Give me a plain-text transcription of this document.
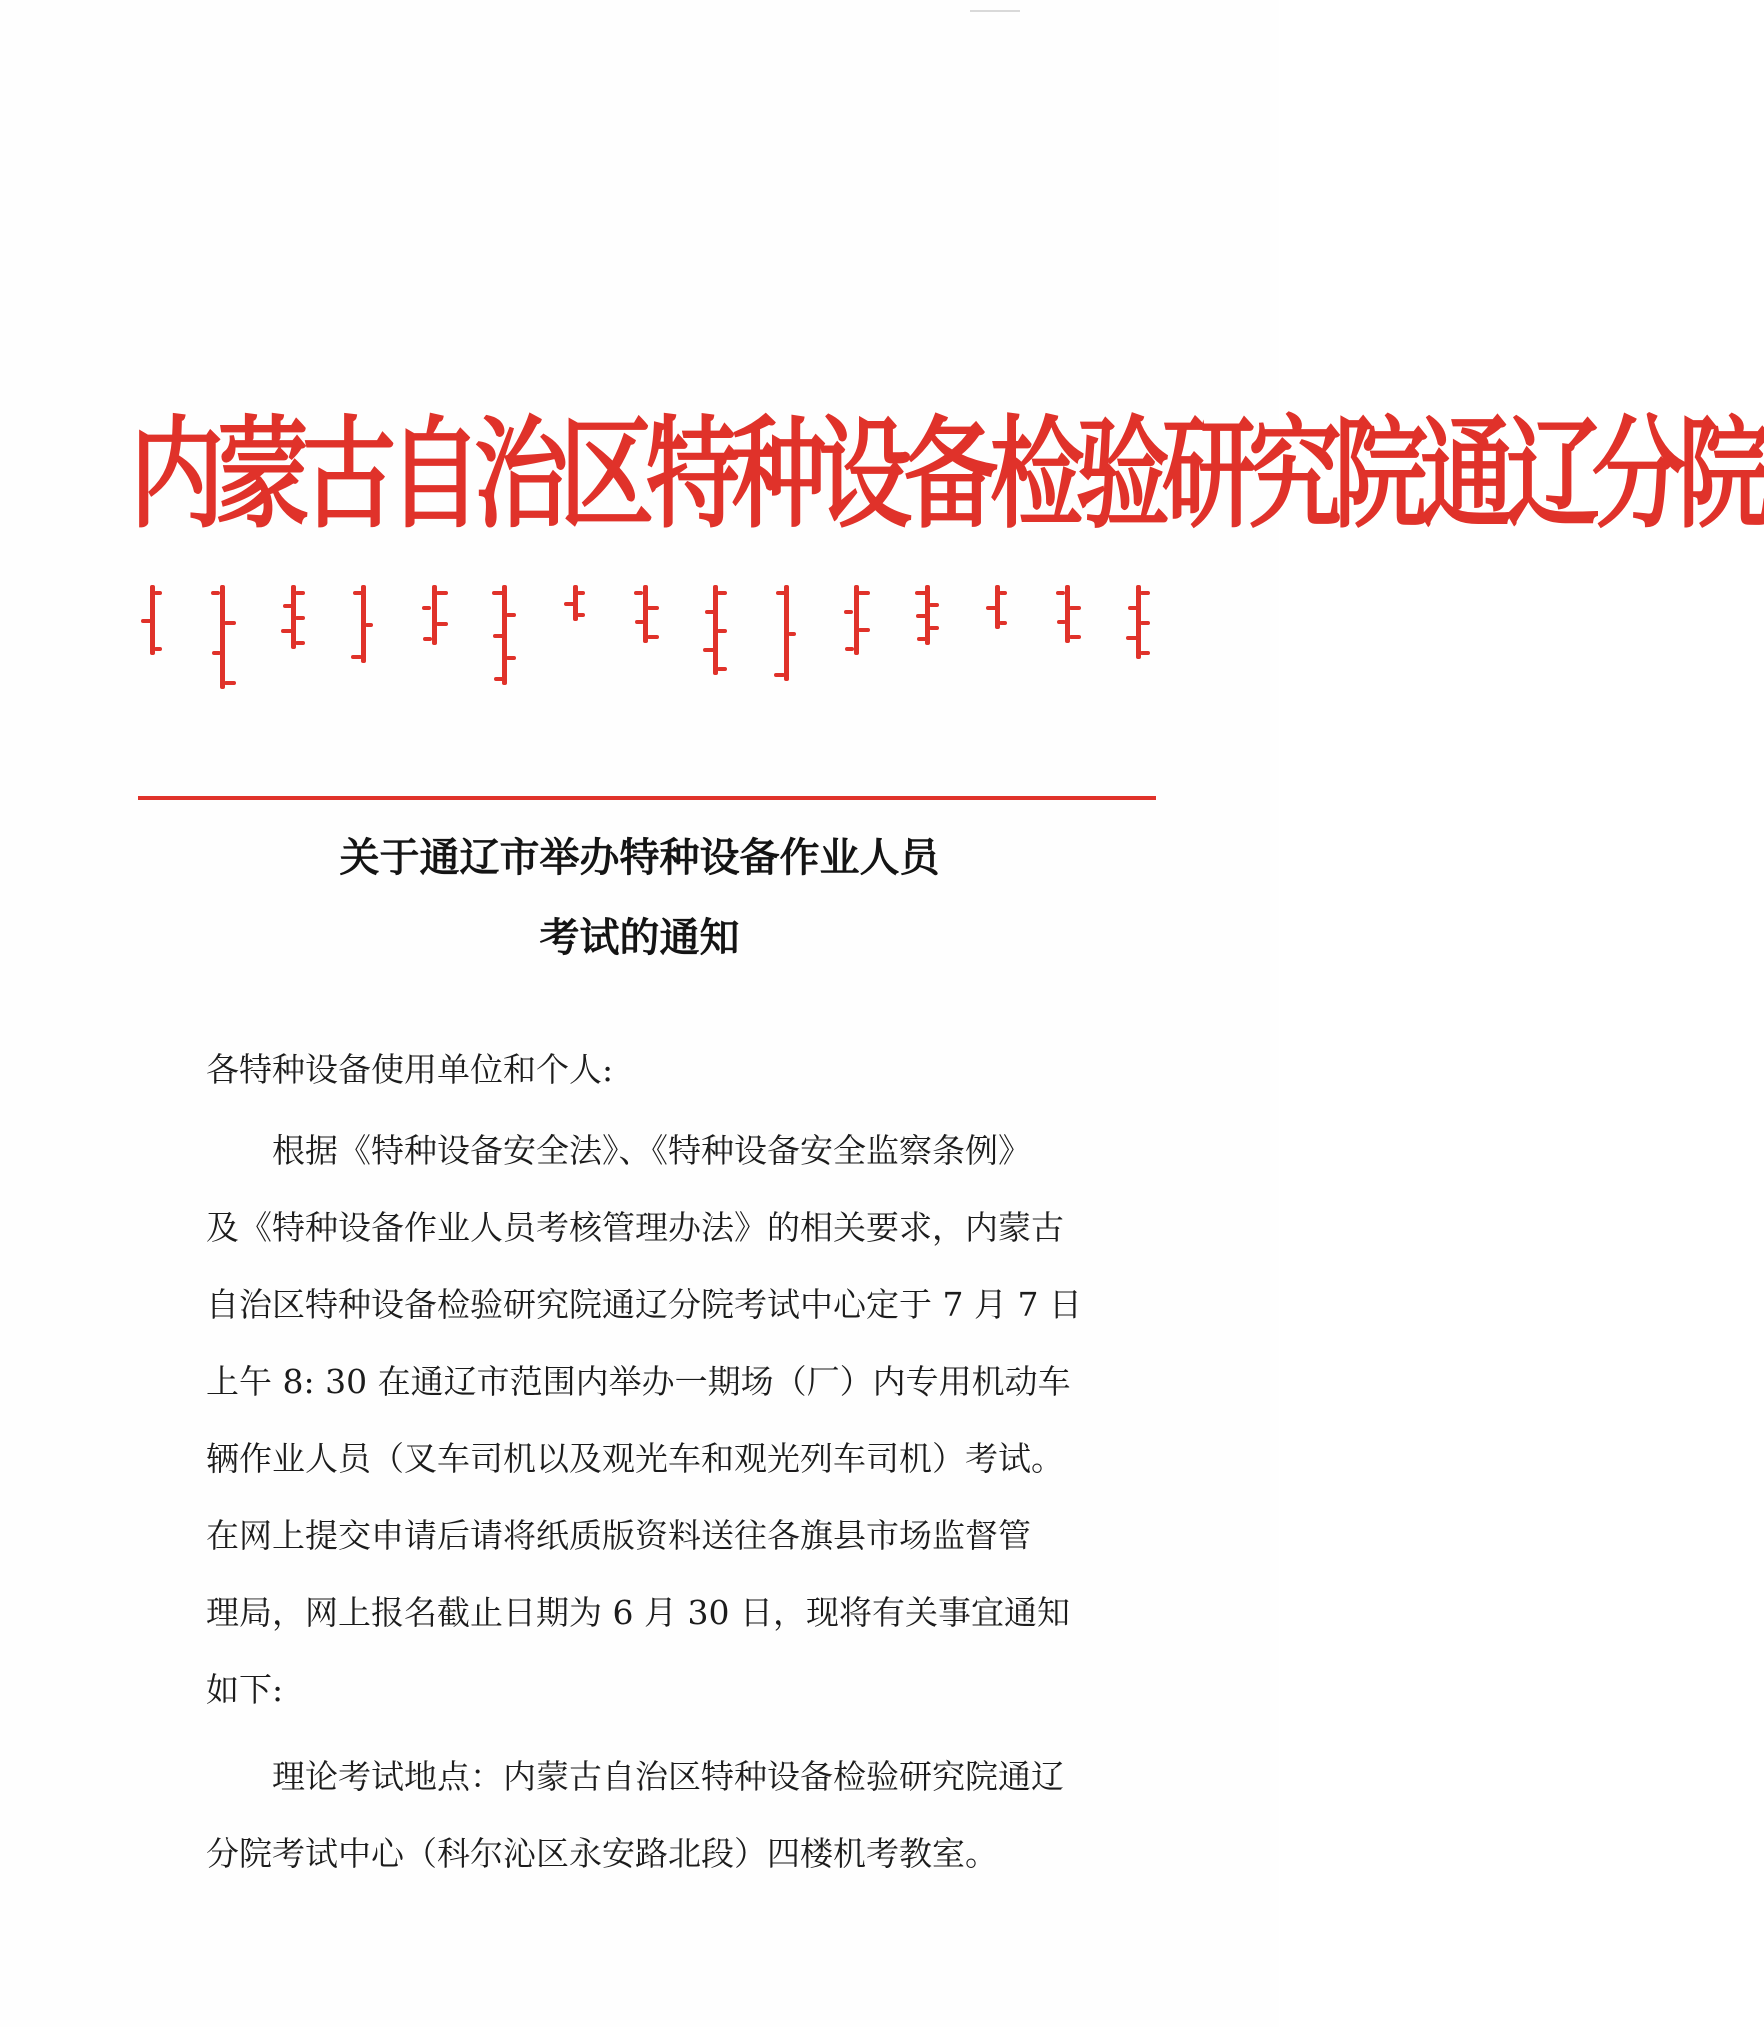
内蒙古自治区特种设备检验研究院通辽分院
关于通辽市举办特种设备作业人员
考试的通知
各特种设备使用单位和个人:
根据《特种设备安全法》、《特种设备安全监察条例》
及《特种设备作业人员考核管理办法》的相关要求，内蒙古
自治区特种设备检验研究院通辽分院考试中心定于 7 月 7 日
上午 8: 30 在通辽市范围内举办一期场（厂）内专用机动车
辆作业人员（叉车司机以及观光车和观光列车司机）考试。
在网上提交申请后请将纸质版资料送往各旗县市场监督管
理局，网上报名截止日期为 6 月 30 日，现将有关事宜通知
如下:
理论考试地点：内蒙古自治区特种设备检验研究院通辽
分院考试中心（科尔沁区永安路北段）四楼机考教室。
